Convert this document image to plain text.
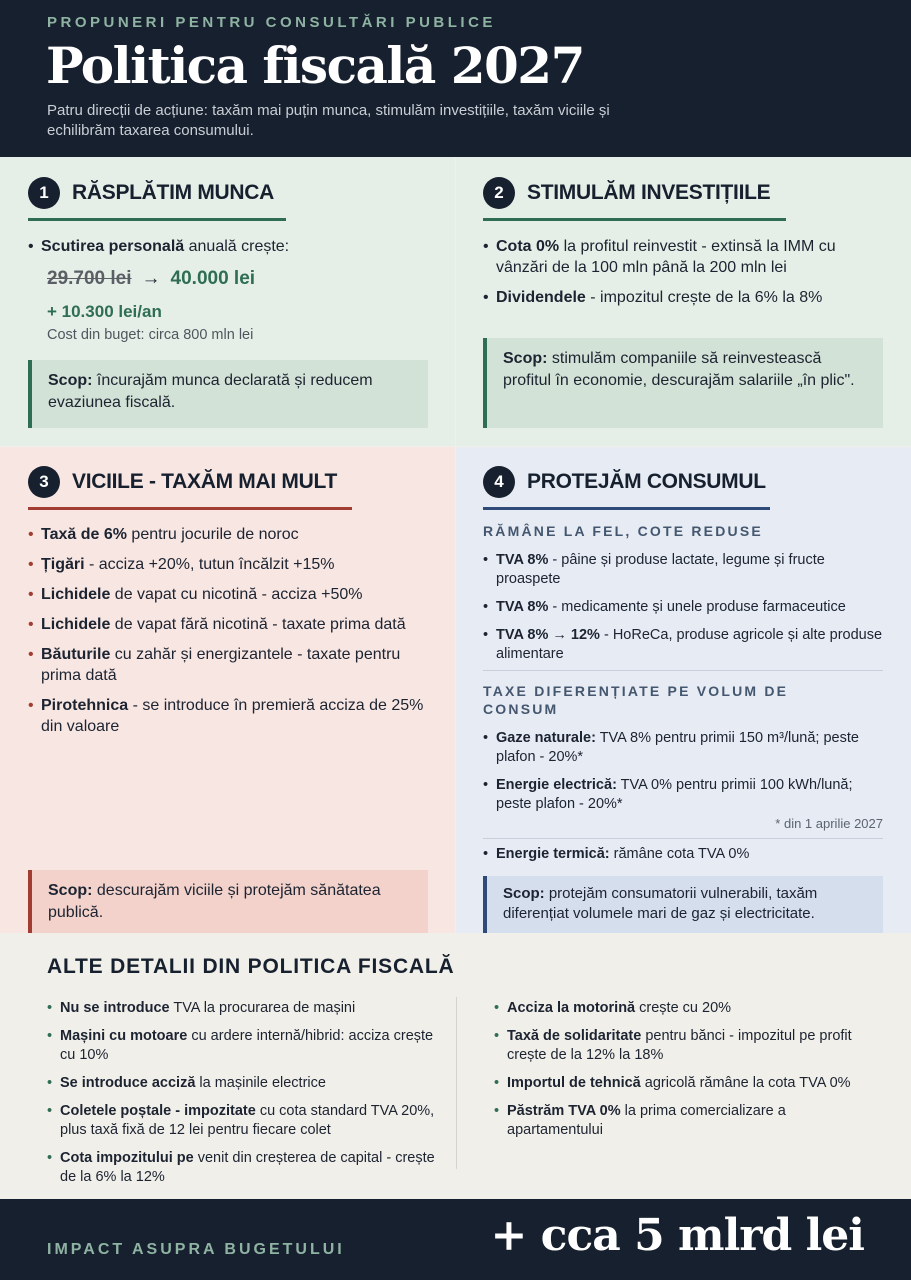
PROPUNERI PENTRU CONSULTĂRI PUBLICE
Politica fiscală 2027
Patru direcții de acțiune: taxăm mai puțin munca, stimulăm investițiile, taxăm viciile și echilibrăm taxarea consumului.
1	RĂSPLĂTIM MUNCA
• Scutirea personală anuală crește:
29.700 lei → 40.000 lei
+ 10.300 lei/an
Cost din buget: circa 800 mln lei
Scop: încurajăm munca declarată și reducem evaziunea fiscală.
2	STIMULĂM INVESTIȚIILE
• Cota 0% la profitul reinvestit - extinsă la IMM cu vânzări de la 100 mln până la 200 mln lei
• Dividendele - impozitul crește de la 6% la 8%
Scop: stimulăm companiile să reinvestească profitul în economie, descurajăm salariile „în plic".
3	VICIILE - TAXĂM MAI MULT
• Taxă de 6% pentru jocurile de noroc
• Țigări - acciza +20%, tutun încălzit +15%
• Lichidele de vapat cu nicotină - acciza +50%
• Lichidele de vapat fără nicotină - taxate prima dată
• Băuturile cu zahăr și energizantele - taxate pentru prima dată
• Pirotehnica - se introduce în premieră acciza de 25% din valoare
Scop: descurajăm viciile și protejăm sănătatea publică.
4	PROTEJĂM CONSUMUL
RĂMÂNE LA FEL, COTE REDUSE
• TVA 8% - pâine și produse lactate, legume și fructe proaspete
• TVA 8% - medicamente și unele produse farmaceutice
• TVA 8% → 12% - HoReCa, produse agricole și alte produse alimentare
TAXE DIFERENȚIATE PE VOLUM DE CONSUM
• Gaze naturale: TVA 8% pentru primii 150 m³/lună; peste plafon - 20%*
• Energie electrică: TVA 0% pentru primii 100 kWh/lună; peste plafon - 20%*
* din 1 aprilie 2027
• Energie termică: rămâne cota TVA 0%
Scop: protejăm consumatorii vulnerabili, taxăm diferențiat volumele mari de gaz și electricitate.
ALTE DETALII DIN POLITICA FISCALĂ
• Nu se introduce TVA la procurarea de mașini
• Mașini cu motoare cu ardere internă/hibrid: acciza crește cu 10%
• Se introduce acciză la mașinile electrice
• Coletele poștale - impozitate cu cota standard TVA 20%, plus taxă fixă de 12 lei pentru fiecare colet
• Cota impozitului pe venit din creșterea de capital - crește de la 6% la 12%
• Acciza la motorină crește cu 20%
• Taxă de solidaritate pentru bănci - impozitul pe profit crește de la 12% la 18%
• Importul de tehnică agricolă rămâne la cota TVA 0%
• Păstrăm TVA 0% la prima comercializare a apartamentului
IMPACT ASUPRA BUGETULUI	+ cca 5 mlrd lei
